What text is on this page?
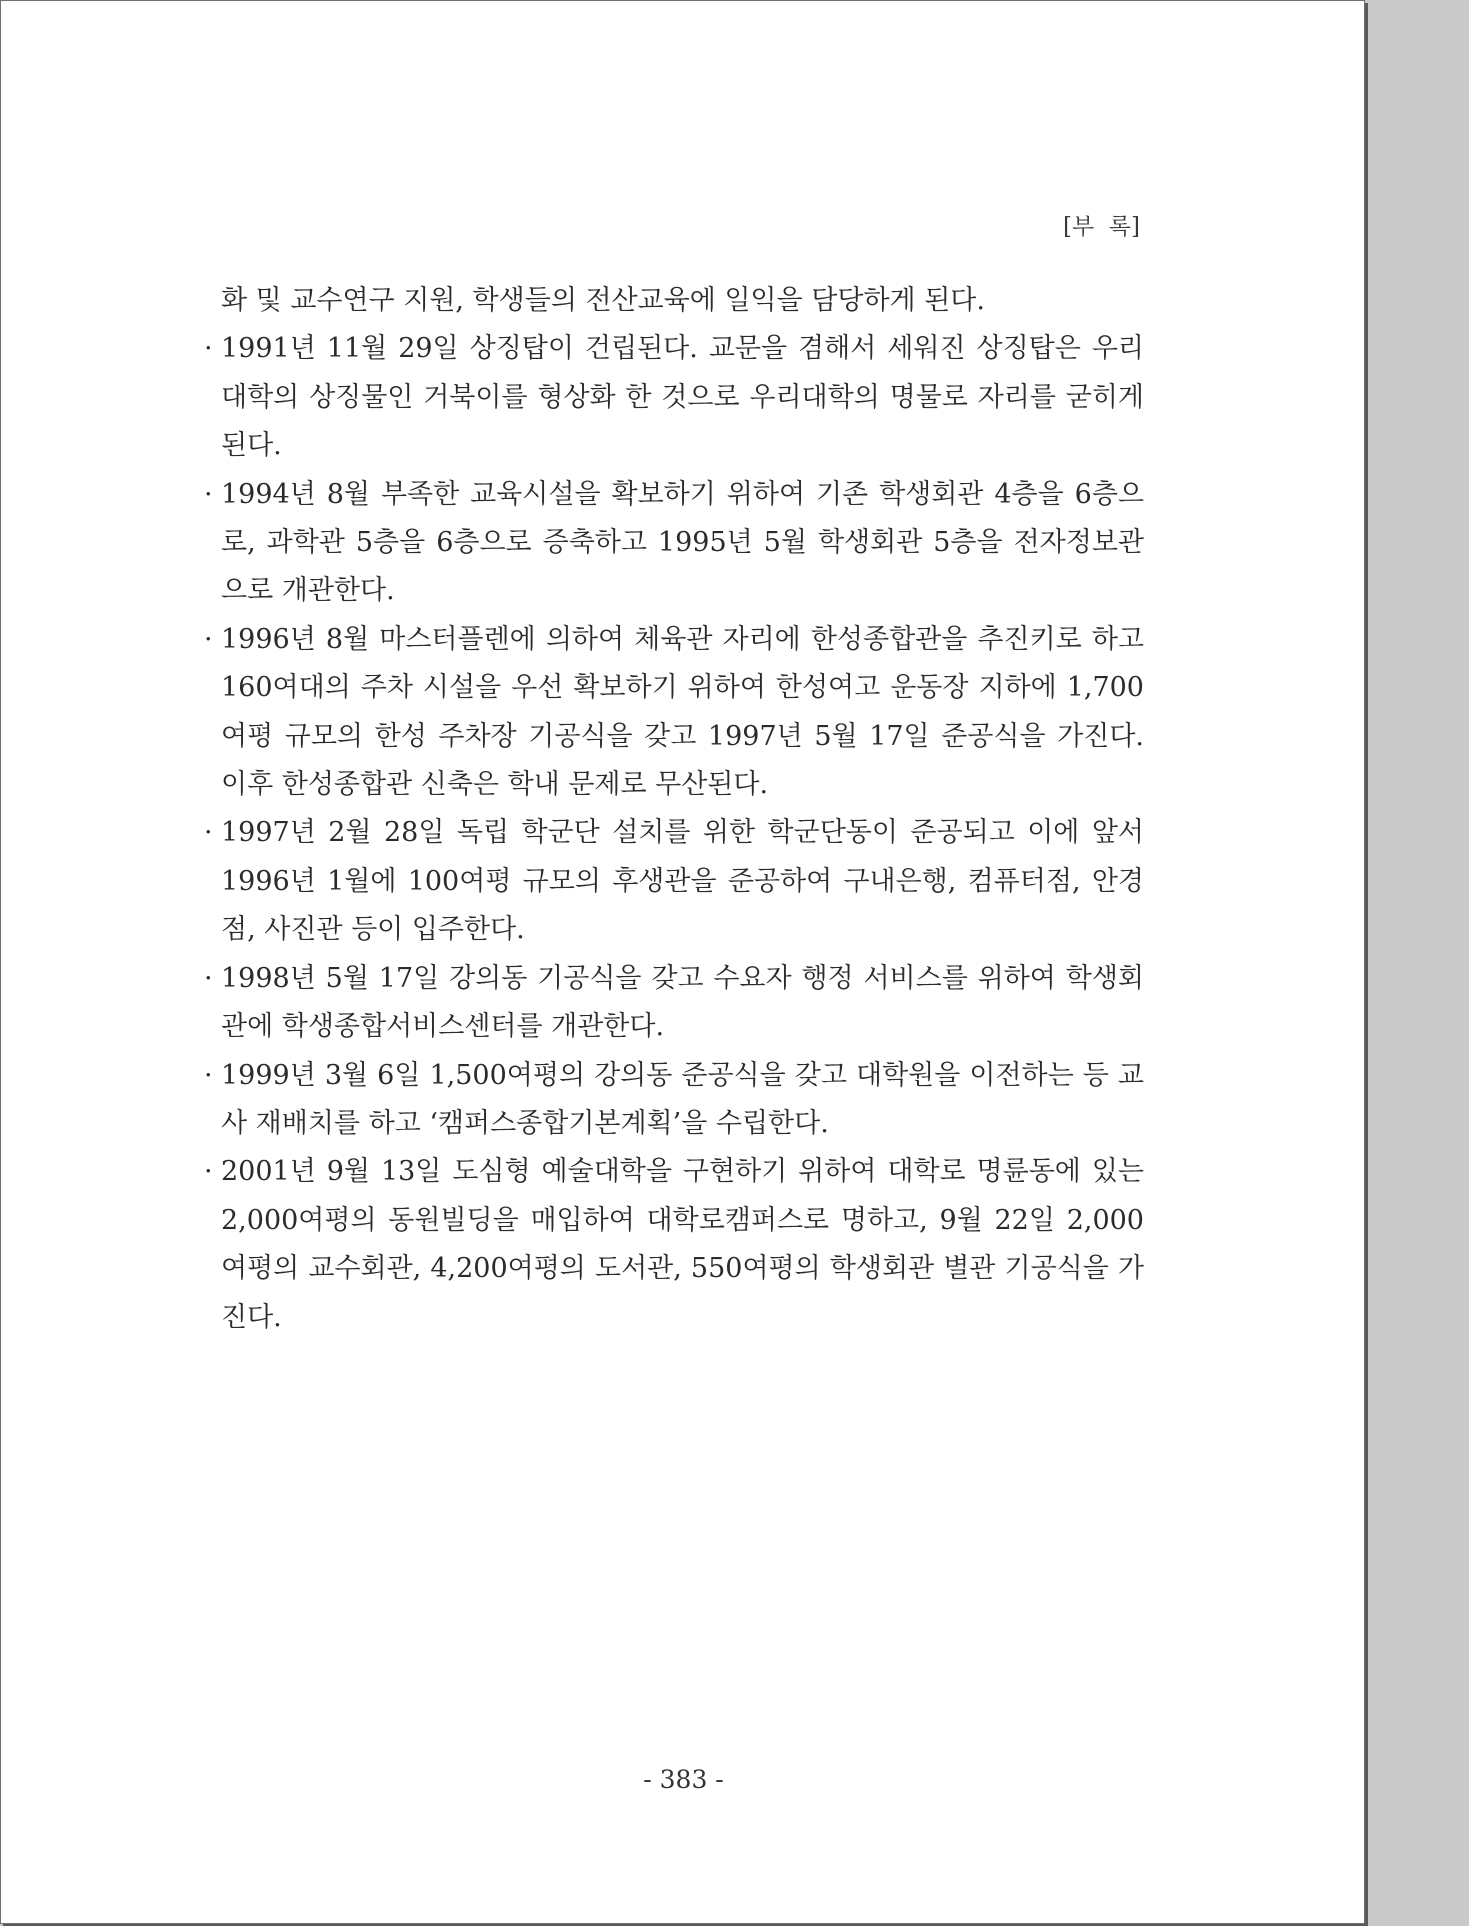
[부  록]
화 및 교수연구 지원, 학생들의 전산교육에 일익을 담당하게 된다.
· 1991년 11월 29일 상징탑이 건립된다. 교문을 겸해서 세워진 상징탑은 우리대학의 상징물인 거북이를 형상화 한 것으로 우리대학의 명물로 자리를 굳히게 된다.
· 1994년 8월 부족한 교육시설을 확보하기 위하여 기존 학생회관 4층을 6층으로, 과학관 5층을 6층으로 증축하고 1995년 5월 학생회관 5층을 전자정보관으로 개관한다.
· 1996년 8월 마스터플렌에 의하여 체육관 자리에 한성종합관을 추진키로 하고 160여대의 주차 시설을 우선 확보하기 위하여 한성여고 운동장 지하에 1,700여평 규모의 한성 주차장 기공식을 갖고 1997년 5월 17일 준공식을 가진다. 이후 한성종합관 신축은 학내 문제로 무산된다.
· 1997년 2월 28일 독립 학군단 설치를 위한 학군단동이 준공되고 이에 앞서 1996년 1월에 100여평 규모의 후생관을 준공하여 구내은행, 컴퓨터점, 안경점, 사진관 등이 입주한다.
· 1998년 5월 17일 강의동 기공식을 갖고 수요자 행정 서비스를 위하여 학생회관에 학생종합서비스센터를 개관한다.
· 1999년 3월 6일 1,500여평의 강의동 준공식을 갖고 대학원을 이전하는 등 교사 재배치를 하고 ‘캠퍼스종합기본계획’을 수립한다.
· 2001년 9월 13일 도심형 예술대학을 구현하기 위하여 대학로 명륜동에 있는 2,000여평의 동원빌딩을 매입하여 대학로캠퍼스로 명하고, 9월 22일 2,000여평의 교수회관, 4,200여평의 도서관, 550여평의 학생회관 별관 기공식을 가진다.
- 383 -
